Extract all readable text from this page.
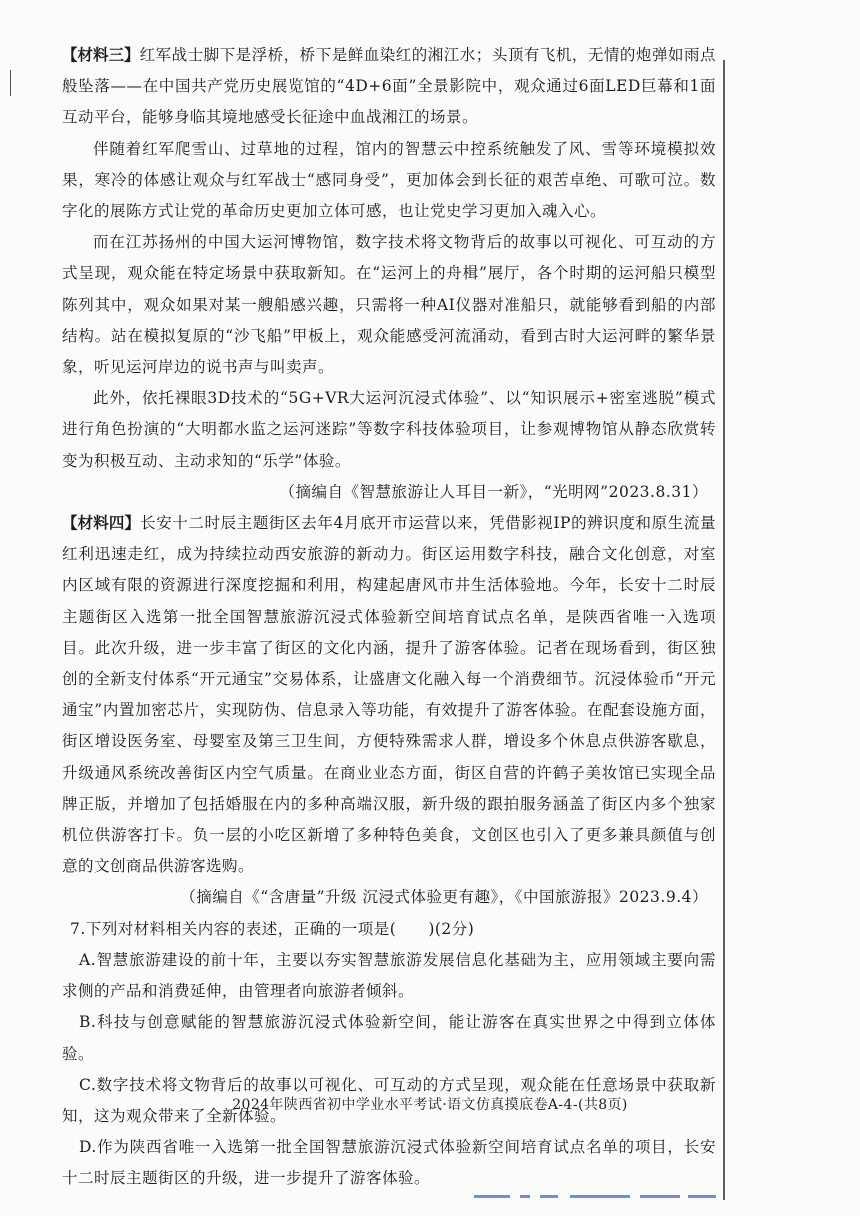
【材料三】红军战士脚下是浮桥，桥下是鲜血染红的湘江水；头顶有飞机，无情的炮弹如雨点般坠落——在中国共产党历史展览馆的“4D+6面”全景影院中，观众通过6面LED巨幕和1面互动平台，能够身临其境地感受长征途中血战湘江的场景。

伴随着红军爬雪山、过草地的过程，馆内的智慧云中控系统触发了风、雪等环境模拟效果，寒冷的体感让观众与红军战士“感同身受”，更加体会到长征的艰苦卓绝、可歌可泣。数字化的展陈方式让党的革命历史更加立体可感，也让党史学习更加入魂入心。

而在江苏扬州的中国大运河博物馆，数字技术将文物背后的故事以可视化、可互动的方式呈现，观众能在特定场景中获取新知。在“运河上的舟楫”展厅，各个时期的运河船只模型陈列其中，观众如果对某一艘船感兴趣，只需将一种AI仪器对准船只，就能够看到船的内部结构。站在模拟复原的“沙飞船”甲板上，观众能感受河流涌动，看到古时大运河畔的繁华景象，听见运河岸边的说书声与叫卖声。

此外，依托裸眼3D技术的“5G+VR大运河沉浸式体验”、以“知识展示+密室逃脱”模式进行角色扮演的“大明都水监之运河迷踪”等数字科技体验项目，让参观博物馆从静态欣赏转变为积极互动、主动求知的“乐学”体验。

（摘编自《智慧旅游让人耳目一新》，“光明网”2023.8.31）

【材料四】长安十二时辰主题街区去年4月底开市运营以来，凭借影视IP的辨识度和原生流量红利迅速走红，成为持续拉动西安旅游的新动力。街区运用数字科技，融合文化创意，对室内区域有限的资源进行深度挖掘和利用，构建起唐风市井生活体验地。今年，长安十二时辰主题街区入选第一批全国智慧旅游沉浸式体验新空间培育试点名单，是陕西省唯一入选项目。此次升级，进一步丰富了街区的文化内涵，提升了游客体验。记者在现场看到，街区独创的全新支付体系“开元通宝”交易体系，让盛唐文化融入每一个消费细节。沉浸体验币“开元通宝”内置加密芯片，实现防伪、信息录入等功能，有效提升了游客体验。在配套设施方面，街区增设医务室、母婴室及第三卫生间，方便特殊需求人群，增设多个休息点供游客歇息，升级通风系统改善街区内空气质量。在商业业态方面，街区自营的许鹤子美妆馆已实现全品牌正版，并增加了包括婚服在内的多种高端汉服，新升级的跟拍服务涵盖了街区内多个独家机位供游客打卡。负一层的小吃区新增了多种特色美食，文创区也引入了更多兼具颜值与创意的文创商品供游客选购。

（摘编自《“含唐量”升级 沉浸式体验更有趣》，《中国旅游报》2023.9.4）

7.下列对材料相关内容的表述，正确的一项是(　　)(2分)

A.智慧旅游建设的前十年，主要以夯实智慧旅游发展信息化基础为主，应用领域主要向需求侧的产品和消费延伸，由管理者向旅游者倾斜。

B.科技与创意赋能的智慧旅游沉浸式体验新空间，能让游客在真实世界之中得到立体体验。

C.数字技术将文物背后的故事以可视化、可互动的方式呈现，观众能在任意场景中获取新知，这为观众带来了全新体验。

D.作为陕西省唯一入选第一批全国智慧旅游沉浸式体验新空间培育试点名单的项目，长安十二时辰主题街区的升级，进一步提升了游客体验。

2024年陕西省初中学业水平考试·语文仿真摸底卷A-4-(共8页)
